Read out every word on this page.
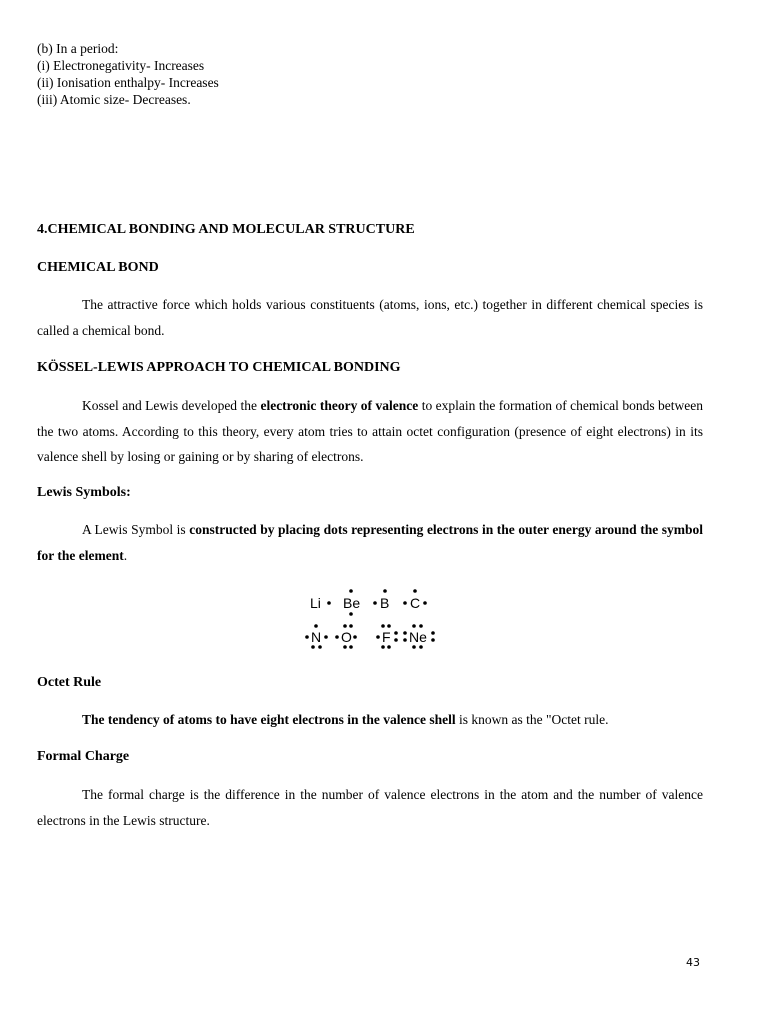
(b) In a period:
(i) Electronegativity- Increases
(ii) Ionisation enthalpy- Increases
(iii) Atomic size- Decreases.
4.CHEMICAL BONDING AND MOLECULAR STRUCTURE
CHEMICAL BOND
The attractive force which holds various constituents (atoms, ions, etc.) together in different chemical species is called a chemical bond.
KÖSSEL-LEWIS APPROACH TO CHEMICAL BONDING
Kossel and Lewis developed the electronic theory of valence to explain the formation of chemical bonds between the two atoms. According to this theory, every atom tries to attain octet configuration (presence of eight electrons) in its valence shell by losing or gaining or by sharing of electrons.
Lewis Symbols:
A Lewis Symbol is constructed by placing dots representing electrons in the outer energy around the symbol for the element.
Li Be B C
N O F Ne
Octet Rule
The tendency of atoms to have eight electrons in the valence shell is known as the "Octet rule.
Formal Charge
The formal charge is the difference in the number of valence electrons in the atom and the number of valence electrons in the Lewis structure.
43
